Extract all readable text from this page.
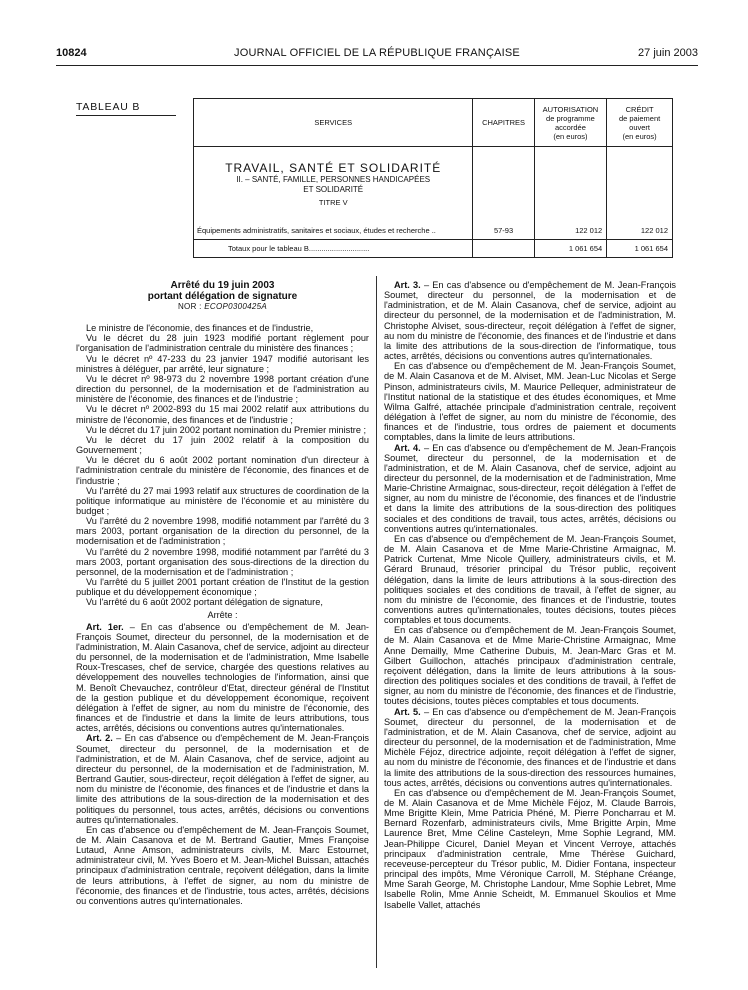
10824	JOURNAL OFFICIEL DE LA RÉPUBLIQUE FRANÇAISE	27 juin 2003
TABLEAU B
SERVICES	CHAPITRES	AUTORISATION
de programme
accordée
(en euros)	CRÉDIT
de paiement
ouvert
(en euros)

TRAVAIL, SANTÉ ET SOLIDARITÉ
II. – SANTÉ, FAMILLE, PERSONNES HANDICAPÉES
ET SOLIDARITÉ
TITRE V			

Équipements administratifs, sanitaires et sociaux, études et recherche ..	57-93	122 012	122 012
Totaux pour le tableau B.............................		1 061 654	1 061 654
Arrêté du 19 juin 2003
portant délégation de signature
NOR : ECOP0300425A

Le ministre de l'économie, des finances et de l'industrie,

Vu le décret du 28 juin 1923 modifié portant règlement pour l'organisation de l'administration centrale du ministère des finances ;

Vu le décret nº 47-233 du 23 janvier 1947 modifié autorisant les ministres à déléguer, par arrêté, leur signature ;

Vu le décret nº 98-973 du 2 novembre 1998 portant création d'une direction du personnel, de la modernisation et de l'administration au ministère de l'économie, des finances et de l'industrie ;

Vu le décret nº 2002-893 du 15 mai 2002 relatif aux attributions du ministre de l'économie, des finances et de l'industrie ;

Vu le décret du 17 juin 2002 portant nomination du Premier ministre ;

Vu le décret du 17 juin 2002 relatif à la composition du Gouvernement ;

Vu le décret du 6 août 2002 portant nomination d'un directeur à l'administration centrale du ministère de l'économie, des finances et de l'industrie ;

Vu l'arrêté du 27 mai 1993 relatif aux structures de coordination de la politique informatique au ministère de l'économie et au ministère du budget ;

Vu l'arrêté du 2 novembre 1998, modifié notamment par l'arrêté du 3 mars 2003, portant organisation de la direction du personnel, de la modernisation et de l'administration ;

Vu l'arrêté du 2 novembre 1998, modifié notamment par l'arrêté du 3 mars 2003, portant organisation des sous-directions de la direction du personnel, de la modernisation et de l'administration ;

Vu l'arrêté du 5 juillet 2001 portant création de l'Institut de la gestion publique et du développement économique ;

Vu l'arrêté du 6 août 2002 portant délégation de signature,

Arrête :

Art. 1er. – En cas d'absence ou d'empêchement de M. Jean-François Soumet, directeur du personnel, de la modernisation et de l'administration, M. Alain Casanova, chef de service, adjoint au directeur du personnel, de la modernisation et de l'administration, Mme Isabelle Roux-Trescases, chef de service, chargée des questions relatives au développement des nouvelles technologies de l'information, ainsi que M. Benoît Chevauchez, contrôleur d'Etat, directeur général de l'Institut de la gestion publique et du développement économique, reçoivent délégation à l'effet de signer, au nom du ministre de l'économie, des finances et de l'industrie et dans la limite de leurs attributions, tous actes, arrêtés, décisions ou conventions autres qu'internationales.

Art. 2. – En cas d'absence ou d'empêchement de M. Jean-François Soumet, directeur du personnel, de la modernisation et de l'administration, et de M. Alain Casanova, chef de service, adjoint au directeur du personnel, de la modernisation et de l'administration, M. Bertrand Gautier, sous-directeur, reçoit délégation à l'effet de signer, au nom du ministre de l'économie, des finances et de l'industrie et dans la limite des attributions de la sous-direction de la modernisation et des politiques du personnel, tous actes, arrêtés, décisions ou conventions autres qu'internationales.

En cas d'absence ou d'empêchement de M. Jean-François Soumet, de M. Alain Casanova et de M. Bertrand Gautier, Mmes Françoise Lutaud, Anne Amson, administrateurs civils, M. Marc Estournet, administrateur civil, M. Yves Boero et M. Jean-Michel Buissan, attachés principaux d'administration centrale, reçoivent délégation, dans la limite de leurs attributions, à l'effet de signer, au nom du ministre de l'économie, des finances et de l'industrie, tous actes, arrêtés, décisions ou conventions autres qu'internationales.

Art. 3. – En cas d'absence ou d'empêchement de M. Jean-François Soumet, directeur du personnel, de la modernisation et de l'administration, et de M. Alain Casanova, chef de service, adjoint au directeur du personnel, de la modernisation et de l'administration, M. Christophe Alviset, sous-directeur, reçoit délégation à l'effet de signer, au nom du ministre de l'économie, des finances et de l'industrie et dans la limite des attributions de la sous-direction de l'informatique, tous actes, arrêtés, décisions ou conventions autres qu'internationales.

En cas d'absence ou d'empêchement de M. Jean-François Soumet, de M. Alain Casanova et de M. Alviset, MM. Jean-Luc Nicolas et Serge Pinson, administrateurs civils, M. Maurice Pellequer, administrateur de l'Institut national de la statistique et des études économiques, et Mme Wilma Galfré, attachée principale d'administration centrale, reçoivent délégation à l'effet de signer, au nom du ministre de l'économie, des finances et de l'industrie, tous ordres de paiement et documents comptables, dans la limite de leurs attributions.

Art. 4. – En cas d'absence ou d'empêchement de M. Jean-François Soumet, directeur du personnel, de la modernisation et de l'administration, et de M. Alain Casanova, chef de service, adjoint au directeur du personnel, de la modernisation et de l'administration, Mme Marie-Christine Armaignac, sous-directeur, reçoit délégation à l'effet de signer, au nom du ministre de l'économie, des finances et de l'industrie et dans la limite des attributions de la sous-direction des politiques sociales et des conditions de travail, tous actes, arrêtés, décisions ou conventions autres qu'internationales.

En cas d'absence ou d'empêchement de M. Jean-François Soumet, de M. Alain Casanova et de Mme Marie-Christine Armaignac, M. Patrick Curtenat, Mme Nicole Quillery, administrateurs civils, et M. Gérard Brunaud, trésorier principal du Trésor public, reçoivent délégation, dans la limite de leurs attributions à la sous-direction des politiques sociales et des conditions de travail, à l'effet de signer, au nom du ministre de l'économie, des finances et de l'industrie, toutes conventions autres qu'internationales, toutes décisions, toutes pièces comptables et tous documents.

En cas d'absence ou d'empêchement de M. Jean-François Soumet, de M. Alain Casanova et de Mme Marie-Christine Armaignac, Mme Anne Demailly, Mme Catherine Dubuis, M. Jean-Marc Gras et M. Gilbert Guillochon, attachés principaux d'administration centrale, reçoivent délégation, dans la limite de leurs attributions à la sous-direction des politiques sociales et des conditions de travail, à l'effet de signer, au nom du ministre de l'économie, des finances et de l'industrie, toutes décisions, toutes pièces comptables et tous documents.

Art. 5. – En cas d'absence ou d'empêchement de M. Jean-François Soumet, directeur du personnel, de la modernisation et de l'administration, et de M. Alain Casanova, chef de service, adjoint au directeur du personnel, de la modernisation et de l'administration, Mme Michèle Féjoz, directrice adjointe, reçoit délégation à l'effet de signer, au nom du ministre de l'économie, des finances et de l'industrie et dans la limite des attributions de la sous-direction des ressources humaines, tous actes, arrêtés, décisions ou conventions autres qu'internationales.

En cas d'absence ou d'empêchement de M. Jean-François Soumet, de M. Alain Casanova et de Mme Michèle Féjoz, M. Claude Barrois, Mme Brigitte Klein, Mme Patricia Phéné, M. Pierre Poncharrau et M. Bernard Rozenfarb, administrateurs civils, Mme Brigitte Arpin, Mme Laurence Bret, Mme Céline Casteleyn, Mme Sophie Legrand, MM. Jean-Philippe Cicurel, Daniel Meyan et Vincent Verroye, attachés principaux d'administration centrale, Mme Thérèse Guichard, receveuse-percepteur du Trésor public, M. Didier Fontana, inspecteur principal des impôts, Mme Véronique Carroll, M. Stéphane Créange, Mme Sarah George, M. Christophe Landour, Mme Sophie Lebret, Mme Isabelle Rolin, Mme Annie Scheidt, M. Emmanuel Skoulios et Mme Isabelle Vallet, attachés
